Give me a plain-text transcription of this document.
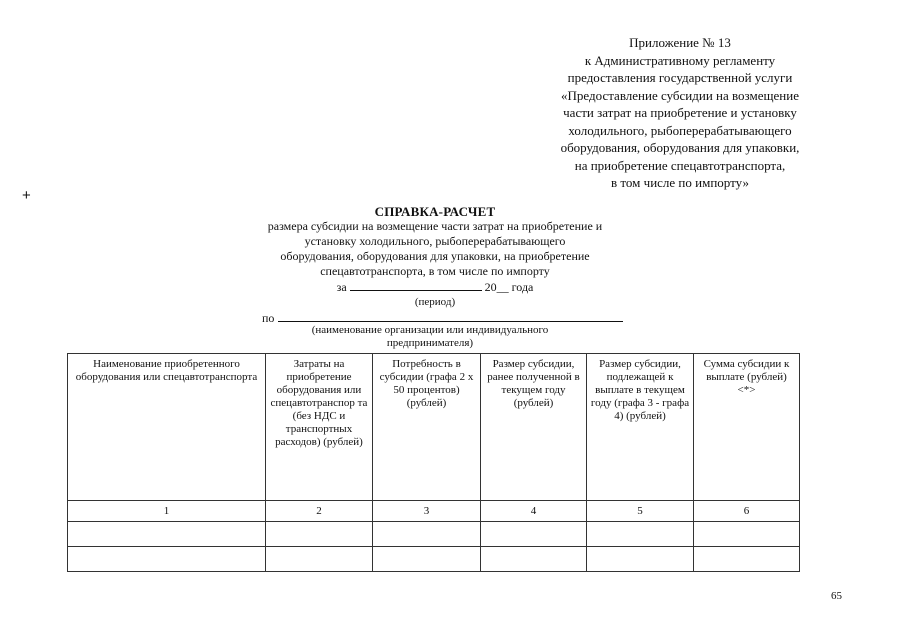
Приложение № 13
к Административному регламенту
предоставления государственной услуги
«Предоставление субсидии на возмещение
части затрат на приобретение и установку
холодильного, рыбоперерабатывающего
оборудования, оборудования для упаковки,
на приобретение спецавтотранспорта,
в том числе по импорту»
+
СПРАВКА-РАСЧЕТ
размера субсидии на возмещение части затрат на приобретение и
установку холодильного, рыбоперерабатывающего
оборудования, оборудования для упаковки, на приобретение
спецавтотранспорта, в том числе по импорту
за	20__ года
(период)
по
(наименование организации или индивидуального
предпринимателя)
Наименование приобретенного оборудования или спецавтотранспорта	Затраты на приобретение оборудования или спецавтотранспор та (без НДС и транспортных расходов) (рублей)	Потребность в субсидии (графа 2 x 50 процентов) (рублей)	Размер субсидии, ранее полученной в текущем году (рублей)	Размер субсидии, подлежащей к выплате в текущем году (графа 3 - графа 4) (рублей)	Сумма субсидии к выплате (рублей) <*>
1	2	3	4	5	6

65
